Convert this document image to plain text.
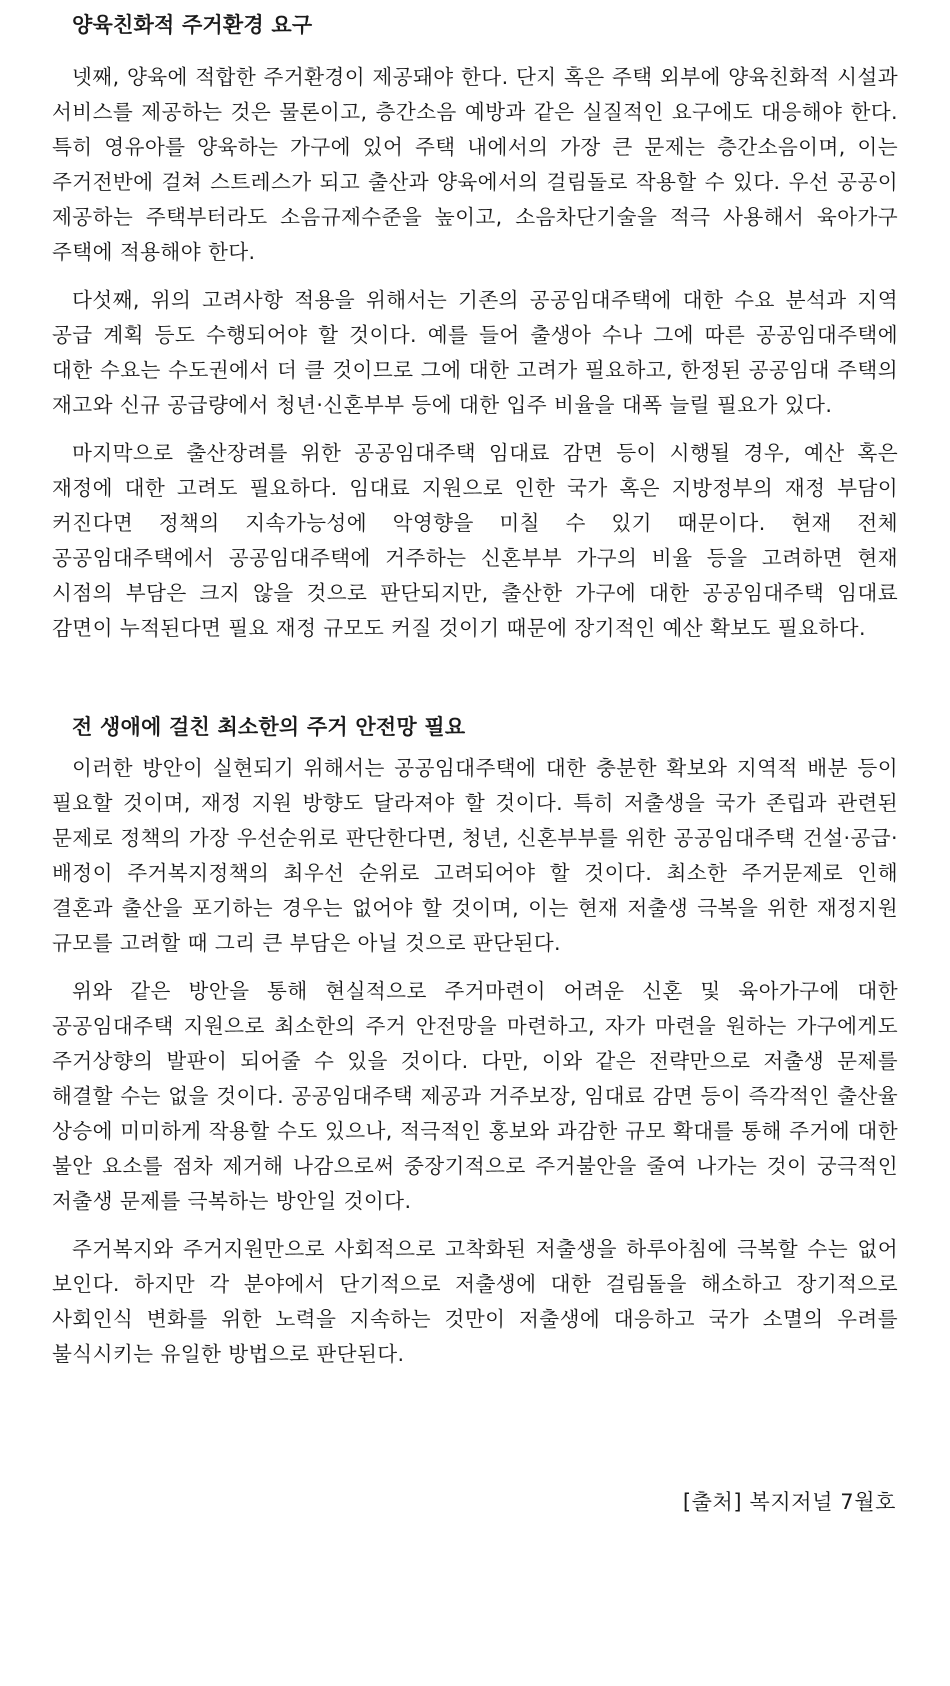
양육친화적 주거환경 요구

넷째, 양육에 적합한 주거환경이 제공돼야 한다. 단지 혹은 주택 외부에 양육친화적 시설과 서비스를 제공하는 것은 물론이고, 층간소음 예방과 같은 실질적인 요구에도 대응해야 한다. 특히 영유아를 양육하는 가구에 있어 주택 내에서의 가장 큰 문제는 층간소음이며, 이는 주거전반에 걸쳐 스트레스가 되고 출산과 양육에서의 걸림돌로 작용할 수 있다. 우선 공공이 제공하는 주택부터라도 소음규제수준을 높이고, 소음차단기술을 적극 사용해서 육아가구 주택에 적용해야 한다.

다섯째, 위의 고려사항 적용을 위해서는 기존의 공공임대주택에 대한 수요 분석과 지역 공급 계획 등도 수행되어야 할 것이다. 예를 들어 출생아 수나 그에 따른 공공임대주택에 대한 수요는 수도권에서 더 클 것이므로 그에 대한 고려가 필요하고, 한정된 공공임대 주택의 재고와 신규 공급량에서 청년·신혼부부 등에 대한 입주 비율을 대폭 늘릴 필요가 있다.

마지막으로 출산장려를 위한 공공임대주택 임대료 감면 등이 시행될 경우, 예산 혹은 재정에 대한 고려도 필요하다. 임대료 지원으로 인한 국가 혹은 지방정부의 재정 부담이 커진다면 정책의 지속가능성에 악영향을 미칠 수 있기 때문이다. 현재 전체 공공임대주택에서 공공임대주택에 거주하는 신혼부부 가구의 비율 등을 고려하면 현재 시점의 부담은 크지 않을 것으로 판단되지만, 출산한 가구에 대한 공공임대주택 임대료 감면이 누적된다면 필요 재정 규모도 커질 것이기 때문에 장기적인 예산 확보도 필요하다.

전 생애에 걸친 최소한의 주거 안전망 필요

이러한 방안이 실현되기 위해서는 공공임대주택에 대한 충분한 확보와 지역적 배분 등이 필요할 것이며, 재정 지원 방향도 달라져야 할 것이다. 특히 저출생을 국가 존립과 관련된 문제로 정책의 가장 우선순위로 판단한다면, 청년, 신혼부부를 위한 공공임대주택 건설·공급·배정이 주거복지정책의 최우선 순위로 고려되어야 할 것이다. 최소한 주거문제로 인해 결혼과 출산을 포기하는 경우는 없어야 할 것이며, 이는 현재 저출생 극복을 위한 재정지원 규모를 고려할 때 그리 큰 부담은 아닐 것으로 판단된다.

위와 같은 방안을 통해 현실적으로 주거마련이 어려운 신혼 및 육아가구에 대한 공공임대주택 지원으로 최소한의 주거 안전망을 마련하고, 자가 마련을 원하는 가구에게도 주거상향의 발판이 되어줄 수 있을 것이다. 다만, 이와 같은 전략만으로 저출생 문제를 해결할 수는 없을 것이다. 공공임대주택 제공과 거주보장, 임대료 감면 등이 즉각적인 출산율 상승에 미미하게 작용할 수도 있으나, 적극적인 홍보와 과감한 규모 확대를 통해 주거에 대한 불안 요소를 점차 제거해 나감으로써 중장기적으로 주거불안을 줄여 나가는 것이 궁극적인 저출생 문제를 극복하는 방안일 것이다.

주거복지와 주거지원만으로 사회적으로 고착화된 저출생을 하루아침에 극복할 수는 없어 보인다. 하지만 각 분야에서 단기적으로 저출생에 대한 걸림돌을 해소하고 장기적으로 사회인식 변화를 위한 노력을 지속하는 것만이 저출생에 대응하고 국가 소멸의 우려를 불식시키는 유일한 방법으로 판단된다.

[출처] 복지저널 7월호
